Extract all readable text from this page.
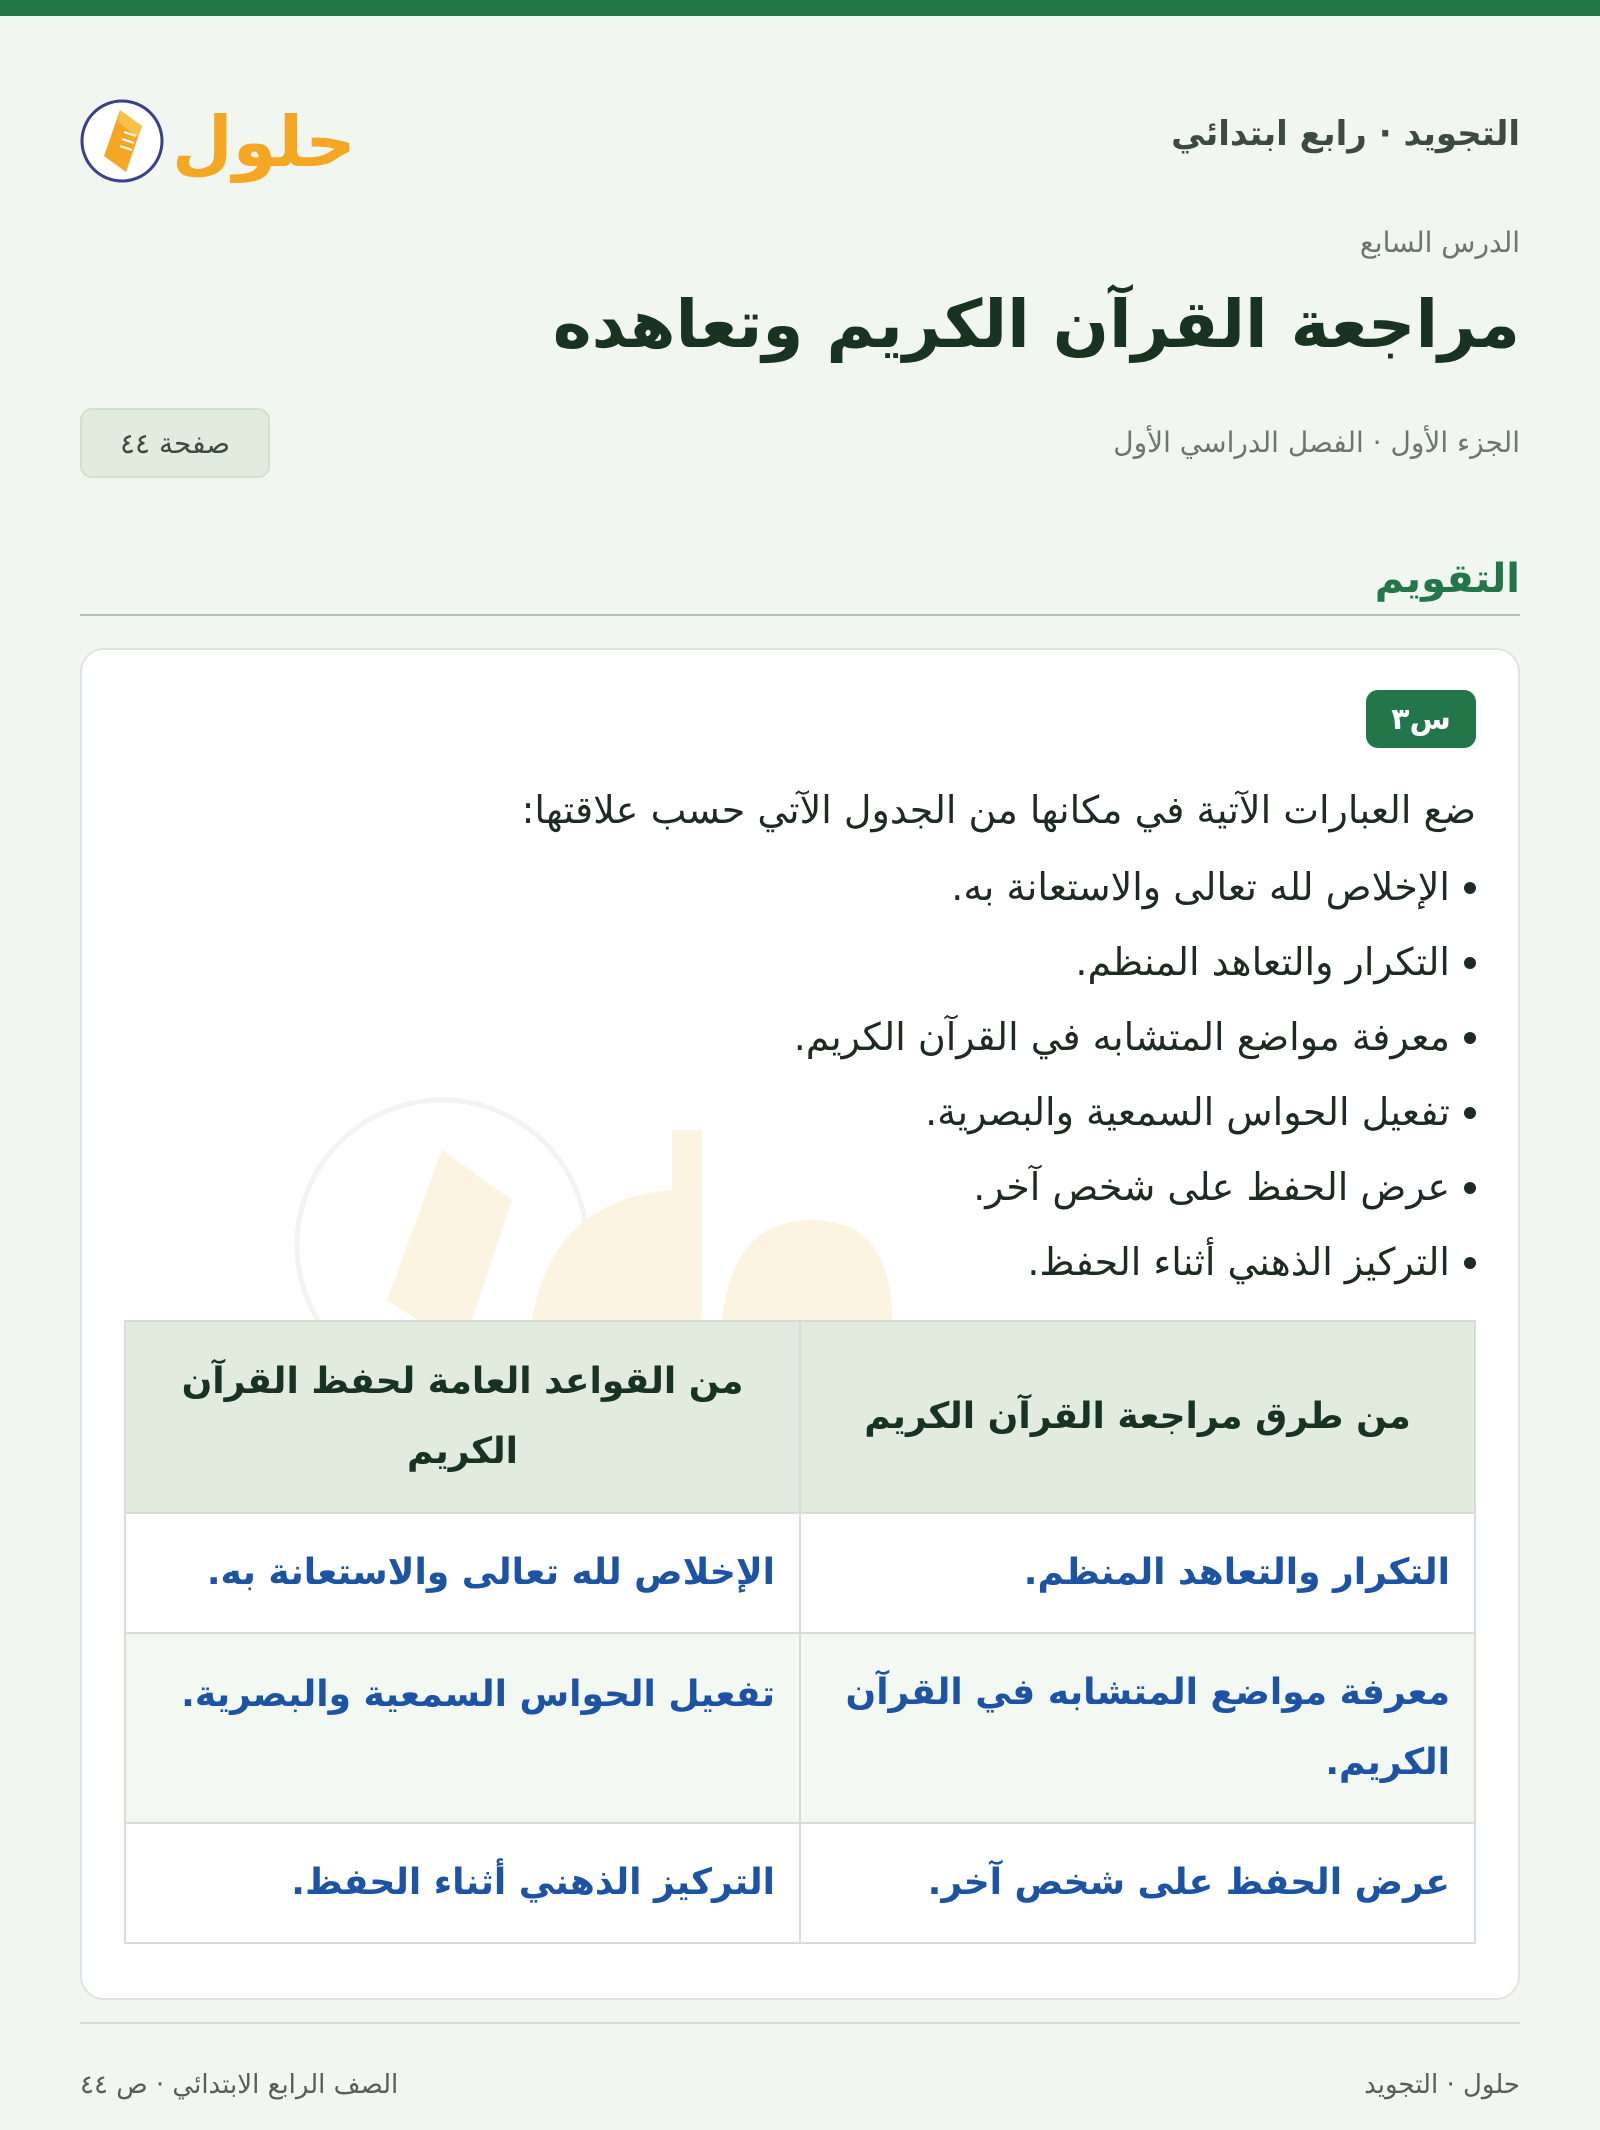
التجويد · رابع ابتدائي
حلول
الدرس السابع
مراجعة القرآن الكريم وتعاهده
الجزء الأول · الفصل الدراسي الأول
صفحة ٤٤
التقويم
س٣
ضع العبارات الآتية في مكانها من الجدول الآتي حسب علاقتها:
الإخلاص لله تعالى والاستعانة به.
التكرار والتعاهد المنظم.
معرفة مواضع المتشابه في القرآن الكريم.
تفعيل الحواس السمعية والبصرية.
عرض الحفظ على شخص آخر.
التركيز الذهني أثناء الحفظ.
من طرق مراجعة القرآن الكريم	من القواعد العامة لحفظ القرآن الكريم
التكرار والتعاهد المنظم.	الإخلاص لله تعالى والاستعانة به.
معرفة مواضع المتشابه في القرآن الكريم.	تفعيل الحواس السمعية والبصرية.
عرض الحفظ على شخص آخر.	التركيز الذهني أثناء الحفظ.
حلول · التجويد
الصف الرابع الابتدائي · ص ٤٤
